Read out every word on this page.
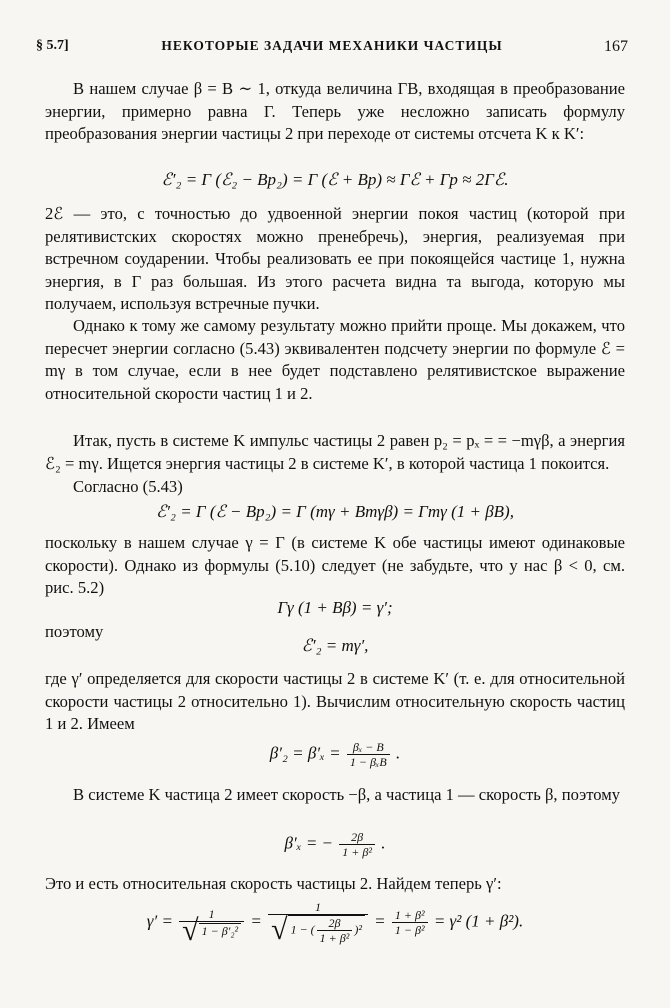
§ 5.7]	НЕКОТОРЫЕ ЗАДАЧИ МЕХАНИКИ ЧАСТИЦЫ	167

В нашем случае β = B ∼ 1, откуда величина ΓB, входящая в преобразование энергии, примерно равна Γ. Теперь уже несложно записать формулу преобразования энергии частицы 2 при переходе от системы отсчета K к K′:

ℰ′₂ = Γ (ℰ₂ − Bp₂) = Γ (ℰ + Bp) ≈ Γℰ + Γp ≈ 2Γℰ.

2ℰ — это, с точностью до удвоенной энергии покоя частиц (которой при релятивистских скоростях можно пренебречь), энергия, реализуемая при встречном соударении. Чтобы реализовать ее при покоящейся частице 1, нужна энергия, в Γ раз большая. Из этого расчета видна та выгода, которую мы получаем, используя встречные пучки.

Однако к тому же самому результату можно прийти проще. Мы докажем, что пересчет энергии согласно (5.43) эквивалентен подсчету энергии по формуле ℰ = mγ в том случае, если в нее будет подставлено релятивистское выражение относительной скорости частиц 1 и 2.

Итак, пусть в системе K импульс частицы 2 равен p₂ = pₓ = = −mγβ, а энергия ℰ₂ = mγ. Ищется энергия частицы 2 в системе K′, в которой частица 1 покоится.

Согласно (5.43)

ℰ′₂ = Γ (ℰ − Bp₂) = Γ (mγ + Bmγβ) = Γmγ (1 + βB),

поскольку в нашем случае γ = Γ (в системе K обе частицы имеют одинаковые скорости). Однако из формулы (5.10) следует (не забудьте, что у нас β < 0, см. рис. 5.2)

Γγ (1 + Bβ) = γ′;
поэтому
ℰ′₂ = mγ′,

где γ′ определяется для скорости частицы 2 в системе K′ (т. е. для относительной скорости частицы 2 относительно 1). Вычислим относительную скорость частиц 1 и 2. Имеем

$\beta'_2 = \beta'_x = \frac{\text{βₓ − B}}{\text{1 − βₓB}}$ .

В системе K частица 2 имеет скорость −β, а частица 1 — скорость β, поэтому

β′ₓ = − $\frac{2\beta}{\text{1 + β²}}$ .

Это и есть относительная скорость частицы 2. Найдем теперь γ′:

$\gamma' = \frac{1}{\text{√ 1 − β′₂²}} = \frac{1}{√ 1 - ( \frac{2\beta}{\text{1 + β²}} )^2} = \frac{\text{1 + β²}}{\text{1 − β²}} = \gamma^2$ (1 + β²).
